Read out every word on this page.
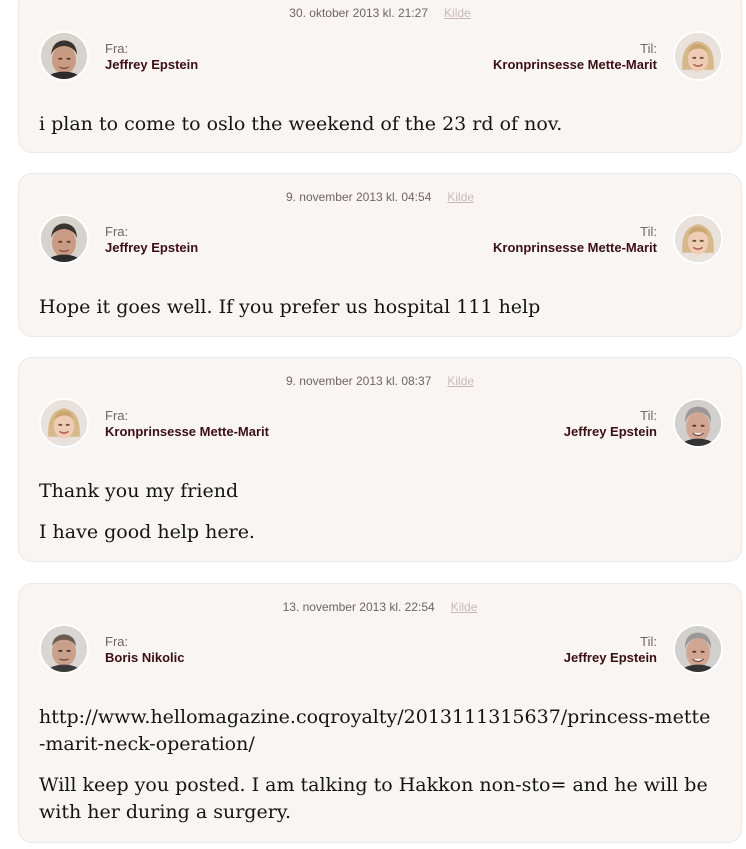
30. oktober 2013 kl. 21:27 Kilde
Fra:
Jeffrey Epstein
Til:
Kronprinsesse Mette-Marit

i plan to come to oslo the weekend of the 23 rd of nov.

9. november 2013 kl. 04:54 Kilde
Fra:
Jeffrey Epstein
Til:
Kronprinsesse Mette-Marit

Hope it goes well. If you prefer us hospital 111 help

9. november 2013 kl. 08:37 Kilde
Fra:
Kronprinsesse Mette-Marit
Til:
Jeffrey Epstein

Thank you my friend

I have good help here.

13. november 2013 kl. 22:54 Kilde
Fra:
Boris Nikolic
Til:
Jeffrey Epstein

http://www.hellomagazine.coqroyalty/2013111315637/princess-mette-marit-neck-operation/

Will keep you posted. I am talking to Hakkon non-sto= and he will be with her during a surgery.
